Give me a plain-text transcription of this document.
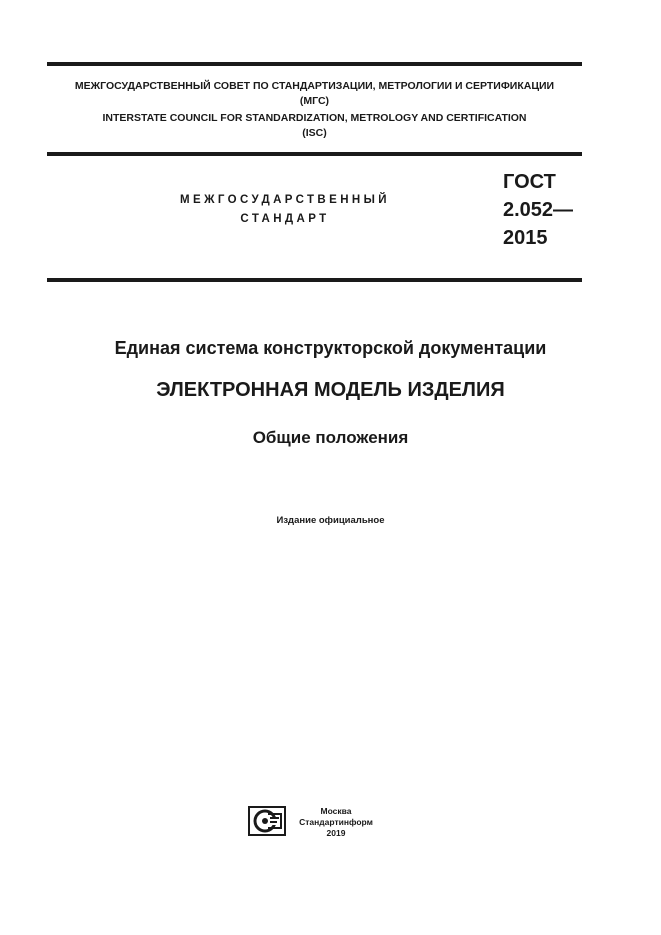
МЕЖГОСУДАРСТВЕННЫЙ СОВЕТ ПО СТАНДАРТИЗАЦИИ, МЕТРОЛОГИИ И СЕРТИФИКАЦИИ
(МГС)
INTERSTATE COUNCIL FOR STANDARDIZATION, METROLOGY AND CERTIFICATION
(ISC)
МЕЖГОСУДАРСТВЕННЫЙ
СТАНДАРТ
ГОСТ
2.052—
2015
Единая система конструкторской документации
ЭЛЕКТРОННАЯ МОДЕЛЬ ИЗДЕЛИЯ
Общие положения
Издание официальное
Москва
Стандартинформ
2019
